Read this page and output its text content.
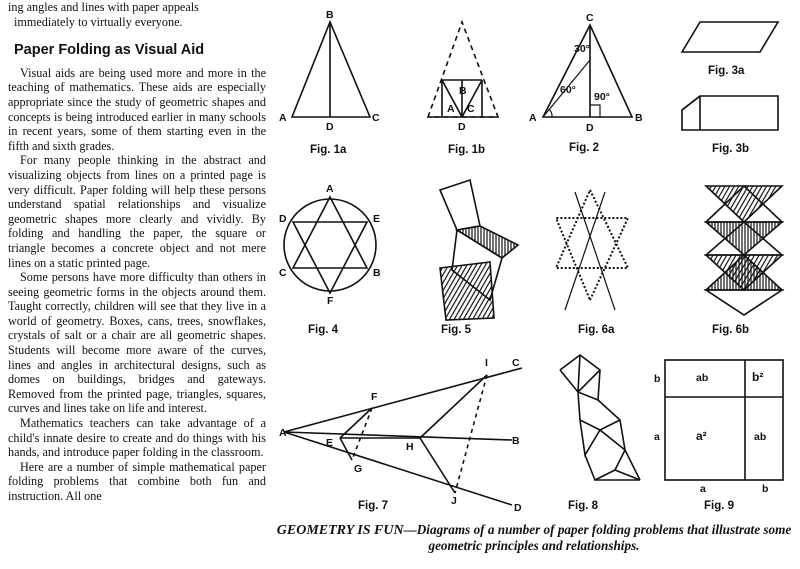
ing angles and lines with paper appeals

immediately to virtually everyone.

Paper Folding as Visual Aid

Visual aids are being used more and more in the teaching of mathematics. These aids are especially appropriate since the study of geometric shapes and concepts is being introduced earlier in many schools in recent years, some of them starting even in the fifth and sixth grades.

For many people thinking in the abstract and visualizing objects from lines on a printed page is very difficult. Paper folding will help these persons understand spatial relationships and visualize geometric shapes more clearly and vividly. By folding and handling the paper, the square or triangle becomes a concrete object and not mere lines on a static printed page.

Some persons have more difficulty than others in seeing geometric forms in the objects around them. Taught correctly, children will see that they live in a world of geometry. Boxes, cans, trees, snowflakes, crystals of salt or a chair are all geometric shapes. Students will become more aware of the curves, lines and angles in architectural designs, such as domes on buildings, bridges and gateways. Removed from the printed page, triangles, squares, curves and lines take on life and interest.

Mathematics teachers can take advantage of a child's innate desire to create and do things with his hands, and introduce paper folding in the classroom.

Here are a number of simple mathematical paper folding problems that combine both fun and instruction. All one

Fig. 1a	Fig. 1b	Fig. 2
Fig. 3a
Fig. 3b
Fig. 4	Fig. 5	Fig. 6a	Fig. 6b
Fig. 7	Fig. 8	Fig. 9
B
A
D
C
B
A C
D
C
30°
60°
90°
A	B
D
A
D	E
C	B
F
I C
F
A
E	H	B
G
J
D
ab	b²
a²	ab
b
a
a	b
GEOMETRY IS FUN—Diagrams of a number of paper folding problems that illustrate some geometric principles and relationships.
